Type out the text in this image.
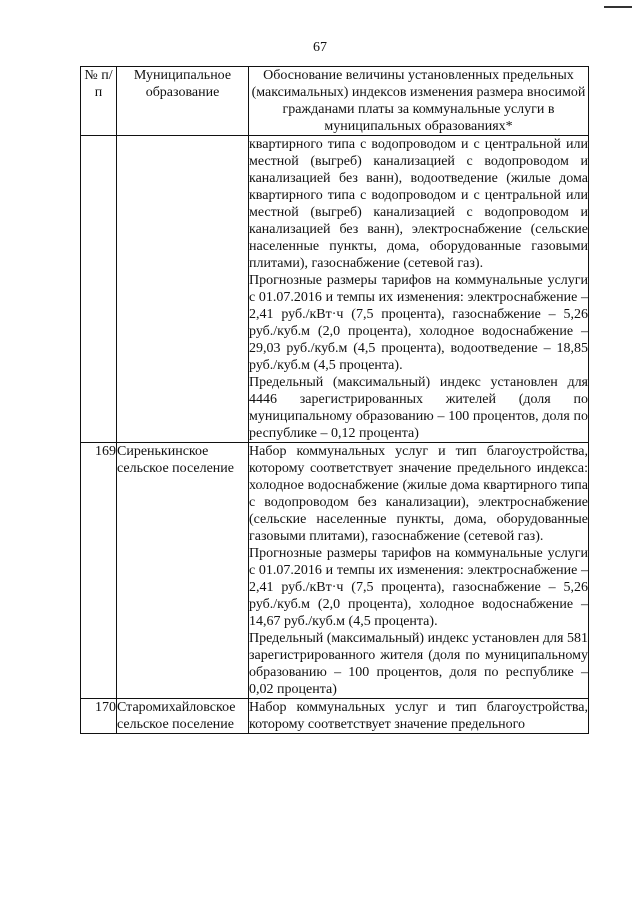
67
№ п/п	Муниципальное образование	Обоснование величины установленных предельных (максимальных) индексов изменения размера вносимой гражданами платы за коммунальные услуги в муниципальных образованиях*

		квартирного типа с водопроводом и с центральной или местной (выгреб) канализацией с водопроводом и канализацией без ванн), водоотведение (жилые дома квартирного типа с водопроводом и с центральной или местной (выгреб) канализацией с водопроводом и канализацией без ванн), электроснабжение (сельские населенные пункты, дома, оборудованные газовыми плитами), газоснабжение (сетевой газ).

Прогнозные размеры тарифов на коммунальные услуги с 01.07.2016 и темпы их изменения: электроснабжение – 2,41 руб./кВт·ч (7,5 процента), газоснабжение – 5,26 руб./куб.м (2,0 процента), холодное водоснабжение – 29,03 руб./куб.м (4,5 процента), водоотведение – 18,85 руб./куб.м (4,5 процента).

Предельный (максимальный) индекс установлен для 4446 зарегистрированных жителей (доля по муниципальному образованию – 100 процентов, доля по республике – 0,12 процента)

169	Сиренькинское сельское поселение	Набор коммунальных услуг и тип благоустройства, которому соответствует значение предельного индекса: холодное водоснабжение (жилые дома квартирного типа с водопроводом без канализации), электроснабжение (сельские населенные пункты, дома, оборудованные газовыми плитами), газоснабжение (сетевой газ).

Прогнозные размеры тарифов на коммунальные услуги с 01.07.2016 и темпы их изменения: электроснабжение – 2,41 руб./кВт·ч (7,5 процента), газоснабжение – 5,26 руб./куб.м (2,0 процента), холодное водоснабжение – 14,67 руб./куб.м (4,5 процента).

Предельный (максимальный) индекс установлен для 581 зарегистрированного жителя (доля по муниципальному образованию – 100 процентов, доля по республике – 0,02 процента)

170	Старомихайловское сельское поселение	Набор коммунальных услуг и тип благоустройства, которому соответствует значение предельного
